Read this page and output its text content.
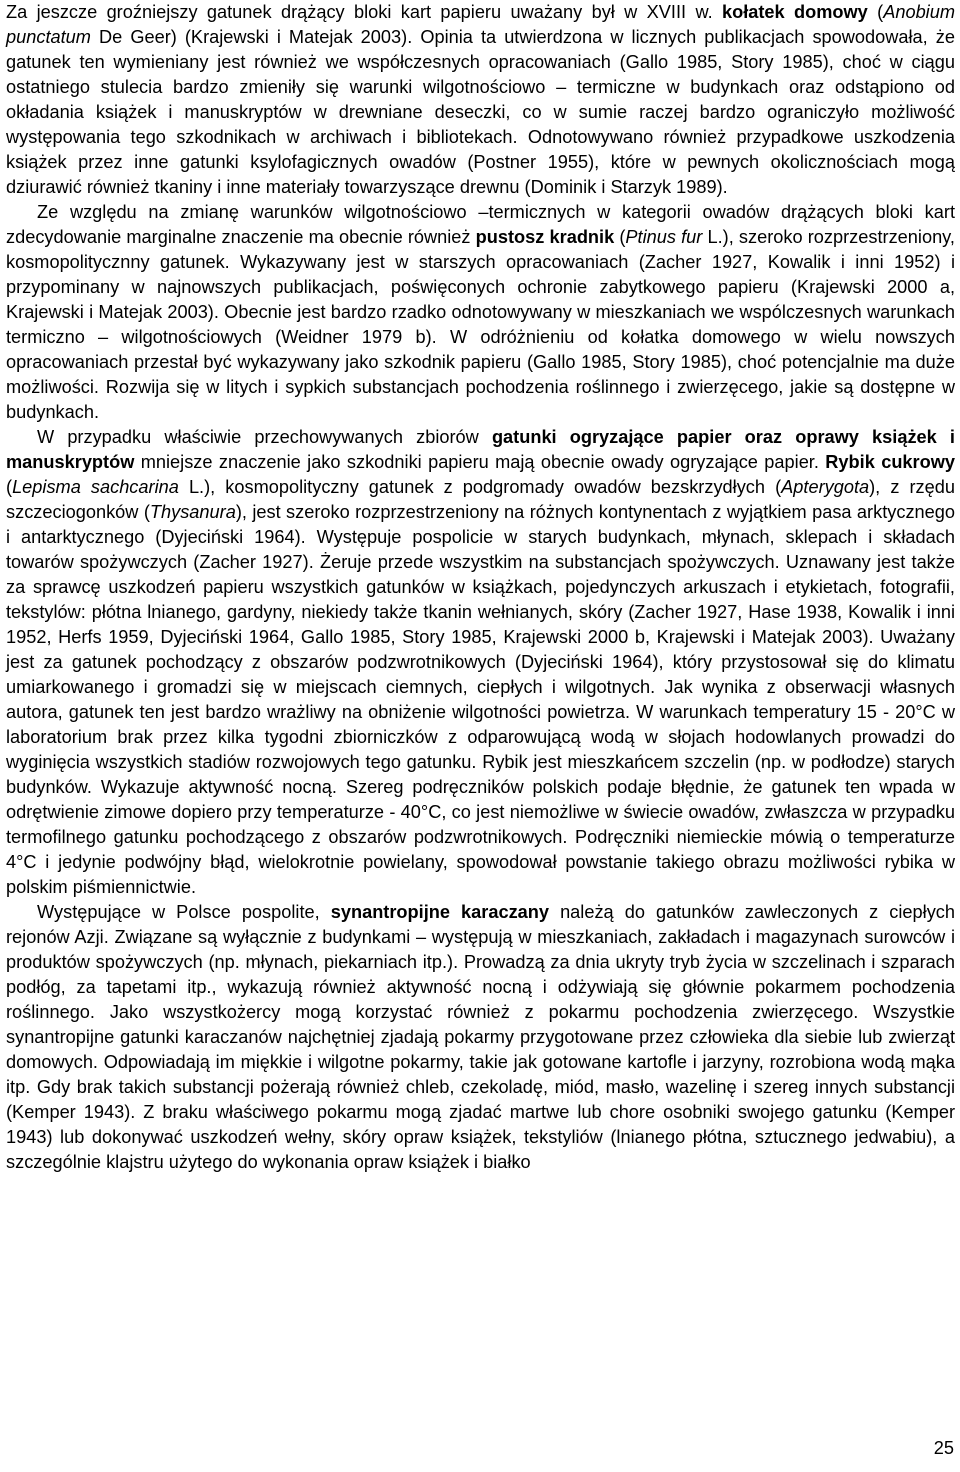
Za jeszcze groźniejszy gatunek drążący bloki kart papieru uważany był w XVIII w. kołatek domowy (Anobium punctatum De Geer) (Krajewski i Matejak 2003). Opinia ta utwierdzona w licznych publikacjach spowodowała, że gatunek ten wymieniany jest również we współczesnych opracowaniach (Gallo 1985, Story 1985), choć w ciągu ostatniego stulecia bardzo zmieniły się warunki wilgotnościowo – termiczne w budynkach oraz odstąpiono od okładania książek i manuskryptów w drewniane deseczki, co w sumie raczej bardzo ograniczyło możliwość występowania tego szkodnikach w archiwach i bibliotekach. Odnotowywano również przypadkowe uszkodzenia książek przez inne gatunki ksylofagicznych owadów (Postner 1955), które w pewnych okolicznościach mogą dziurawić również tkaniny i inne materiały towarzyszące drewnu (Dominik i Starzyk 1989).

Ze względu na zmianę warunków wilgotnościowo –termicznych w kategorii owadów drążących bloki kart zdecydowanie marginalne znaczenie ma obecnie również pustosz kradnik (Ptinus fur L.), szeroko rozprzestrzeniony, kosmopolitycznny gatunek. Wykazywany jest w starszych opracowaniach (Zacher 1927, Kowalik i inni 1952) i przypominany w najnowszych publikacjach, poświęconych ochronie zabytkowego papieru (Krajewski 2000 a, Krajewski i Matejak 2003). Obecnie jest bardzo rzadko odnotowywany w mieszkaniach we wspólczesnych warunkach termiczno – wilgotnościowych (Weidner 1979 b). W odróżnieniu od kołatka domowego w wielu nowszych opracowaniach przestał być wykazywany jako szkodnik papieru (Gallo 1985, Story 1985), choć potencjalnie ma duże możliwości. Rozwija się w litych i sypkich substancjach pochodzenia roślinnego i zwierzęcego, jakie są dostępne w budynkach.

W przypadku właściwie przechowywanych zbiorów gatunki ogryzające papier oraz oprawy książek i manuskryptów mniejsze znaczenie jako szkodniki papieru mają obecnie owady ogryzające papier. Rybik cukrowy (Lepisma sachcarina L.), kosmopolityczny gatunek z podgromady owadów bezskrzydłych (Apterygota), z rzędu szczeciogonków (Thysanura), jest szeroko rozprzestrzeniony na różnych kontynentach z wyjątkiem pasa arktycznego i antarktycznego (Dyjeciński 1964). Występuje pospolicie w starych budynkach, młynach, sklepach i składach towarów spożywczych (Zacher 1927). Żeruje przede wszystkim na substancjach spożywczych. Uznawany jest także za sprawcę uszkodzeń papieru wszystkich gatunków w książkach, pojedynczych arkuszach i etykietach, fotografii, tekstylów: płótna lnianego, gardyny, niekiedy także tkanin wełnianych, skóry (Zacher 1927, Hase 1938, Kowalik i inni 1952, Herfs 1959, Dyjeciński 1964, Gallo 1985, Story 1985, Krajewski 2000 b, Krajewski i Matejak 2003). Uważany jest za gatunek pochodzący z obszarów podzwrotnikowych (Dyjeciński 1964), który przystosował się do klimatu umiarkowanego i gromadzi się w miejscach ciemnych, ciepłych i wilgotnych. Jak wynika z obserwacji własnych autora, gatunek ten jest bardzo wrażliwy na obniżenie wilgotności powietrza. W warunkach temperatury 15 - 20°C w laboratorium brak przez kilka tygodni zbiorniczków z odparowującą wodą w słojach hodowlanych prowadzi do wyginięcia wszystkich stadiów rozwojowych tego gatunku. Rybik jest mieszkańcem szczelin (np. w podłodze) starych budynków. Wykazuje aktywność nocną. Szereg podręczników polskich podaje błędnie, że gatunek ten wpada w odrętwienie zimowe dopiero przy temperaturze - 40°C, co jest niemożliwe w świecie owadów, zwłaszcza w przypadku termofilnego gatunku pochodzącego z obszarów podzwrotnikowych. Podręczniki niemieckie mówią o temperaturze 4°C i jedynie podwójny błąd, wielokrotnie powielany, spowodował powstanie takiego obrazu możliwości rybika w polskim piśmiennictwie.

Występujące w Polsce pospolite, synantropijne karaczany należą do gatunków zawleczonych z ciepłych rejonów Azji. Związane są wyłącznie z budynkami – występują w mieszkaniach, zakładach i magazynach surowców i produktów spożywczych (np. młynach, piekarniach itp.). Prowadzą za dnia ukryty tryb życia w szczelinach i szparach podłóg, za tapetami itp., wykazują również aktywność nocną i odżywiają się głównie pokarmem pochodzenia roślinnego. Jako wszystkożercy mogą korzystać również z pokarmu pochodzenia zwierzęcego. Wszystkie synantropijne gatunki karaczanów najchętniej zjadają pokarmy przygotowane przez człowieka dla siebie lub zwierząt domowych. Odpowiadają im miękkie i wilgotne pokarmy, takie jak gotowane kartofle i jarzyny, rozrobiona wodą mąka itp. Gdy brak takich substancji pożerają również chleb, czekoladę, miód, masło, wazelinę i szereg innych substancji (Kemper 1943). Z braku właściwego pokarmu mogą zjadać martwe lub chore osobniki swojego gatunku (Kemper 1943) lub dokonywać uszkodzeń wełny, skóry opraw książek, tekstyliów (lnianego płótna, sztucznego jedwabiu), a szczególnie klajstru użytego do wykonania opraw książek i białko

25
